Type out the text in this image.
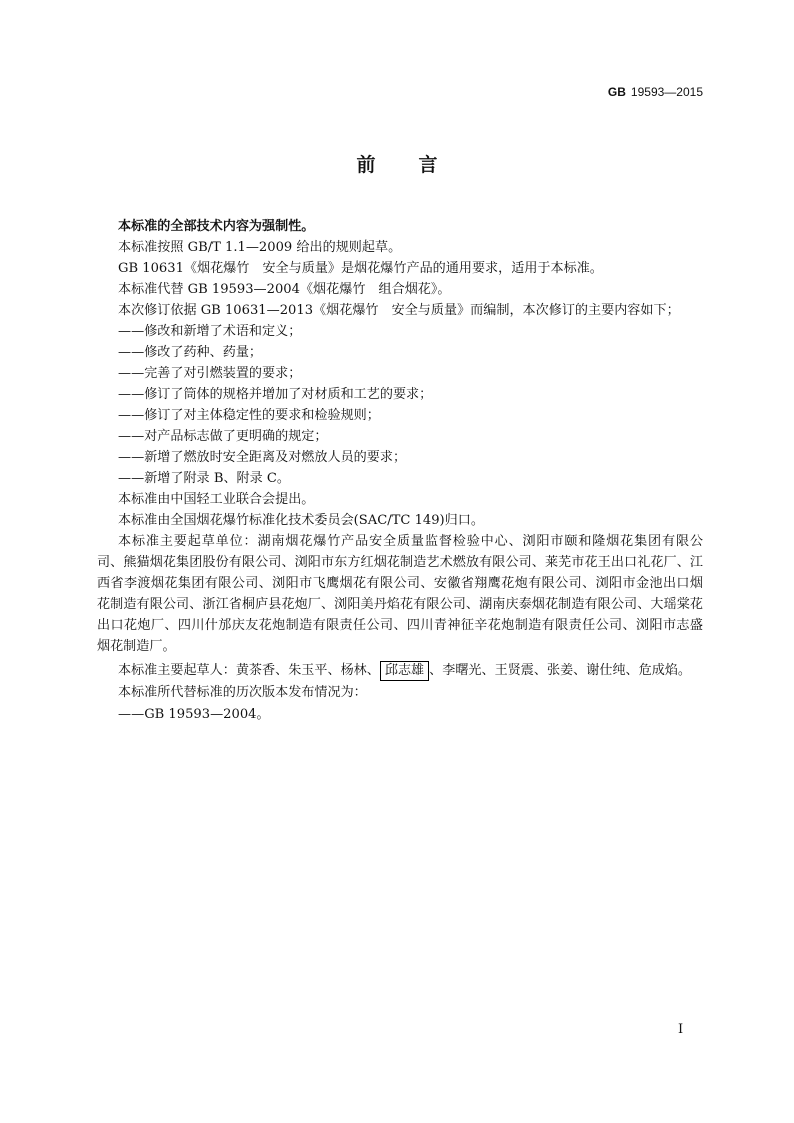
GB 19593—2015
前　言
本标准的全部技术内容为强制性。
本标准按照 GB/T 1.1—2009 给出的规则起草。
GB 10631《烟花爆竹　安全与质量》是烟花爆竹产品的通用要求，适用于本标准。
本标准代替 GB 19593—2004《烟花爆竹　组合烟花》。
本次修订依据 GB 10631—2013《烟花爆竹　安全与质量》而编制，本次修订的主要内容如下；
——修改和新增了术语和定义；
——修改了药种、药量；
——完善了对引燃装置的要求；
——修订了筒体的规格并增加了对材质和工艺的要求；
——修订了对主体稳定性的要求和检验规则；
——对产品标志做了更明确的规定；
——新增了燃放时安全距离及对燃放人员的要求；
——新增了附录 B、附录 C。
本标准由中国轻工业联合会提出。
本标准由全国烟花爆竹标准化技术委员会(SAC/TC 149)归口。
本标准主要起草单位：湖南烟花爆竹产品安全质量监督检验中心、浏阳市颐和隆烟花集团有限公
司、熊猫烟花集团股份有限公司、浏阳市东方红烟花制造艺术燃放有限公司、莱芜市花王出口礼花厂、江
西省李渡烟花集团有限公司、浏阳市飞鹰烟花有限公司、安徽省翔鹰花炮有限公司、浏阳市金池出口烟
花制造有限公司、浙江省桐庐县花炮厂、浏阳美丹焰花有限公司、湖南庆泰烟花制造有限公司、大瑶棠花
出口花炮厂、四川什邡庆友花炮制造有限责任公司、四川青神征辛花炮制造有限责任公司、浏阳市志盛
烟花制造厂。
本标准主要起草人：黄茶香、朱玉平、杨林、 邱志雄 、李曙光、王贤震、张姜、谢仕纯、危成焰。
本标准所代替标准的历次版本发布情况为：
——GB 19593—2004。
I
